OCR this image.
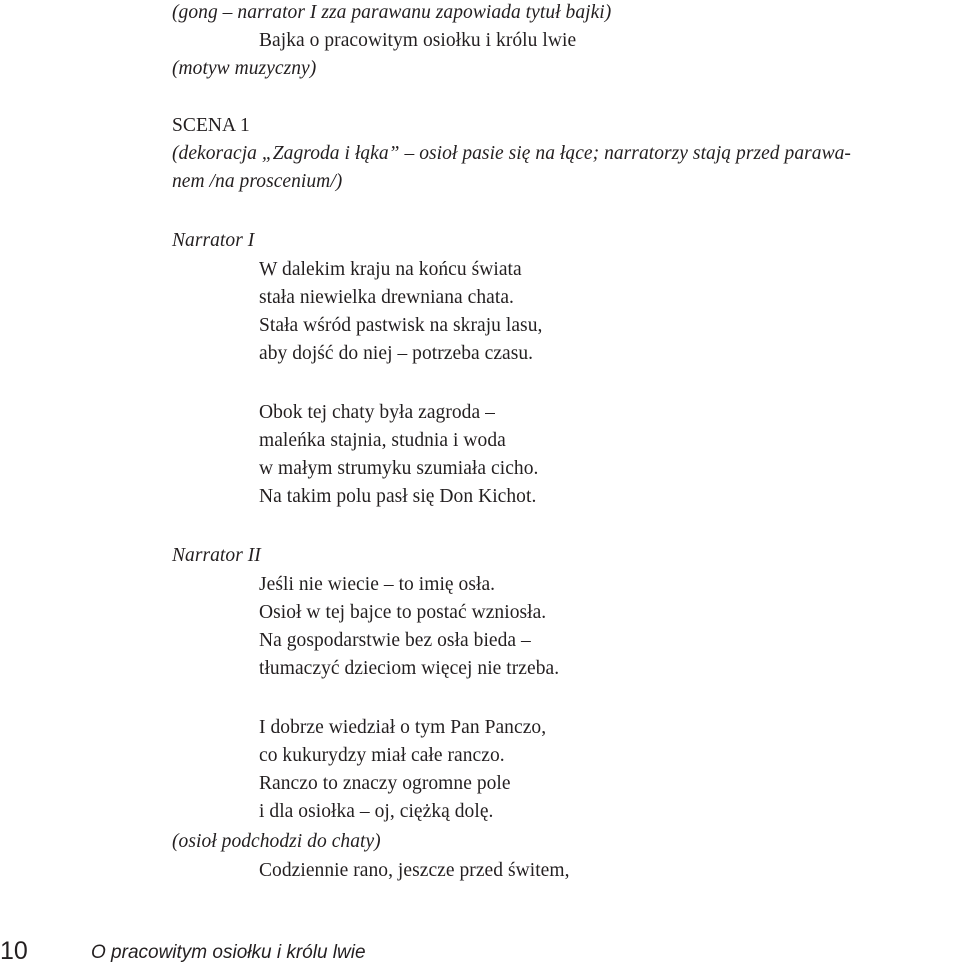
(gong – narrator I zza parawanu zapowiada tytuł bajki)
Bajka o pracowitym osiołku i królu lwie
(motyw muzyczny)
SCENA 1
(dekoracja „Zagroda i łąka” – osioł pasie się na łące; narratorzy stają przed parawa-
nem /na proscenium/)
Narrator I
W dalekim kraju na końcu świata
stała niewielka drewniana chata.
Stała wśród pastwisk na skraju lasu,
aby dojść do niej – potrzeba czasu.
Obok tej chaty była zagroda –
maleńka stajnia, studnia i woda
w małym strumyku szumiała cicho.
Na takim polu pasł się Don Kichot.
Narrator II
Jeśli nie wiecie – to imię osła.
Osioł w tej bajce to postać wzniosła.
Na gospodarstwie bez osła bieda –
tłumaczyć dzieciom więcej nie trzeba.
I dobrze wiedział o tym Pan Panczo,
co kukurydzy miał całe ranczo.
Ranczo to znaczy ogromne pole
i dla osiołka – oj, ciężką dolę.
(osioł podchodzi do chaty)
Codziennie rano, jeszcze przed świtem,
10	O pracowitym osiołku i królu lwie
